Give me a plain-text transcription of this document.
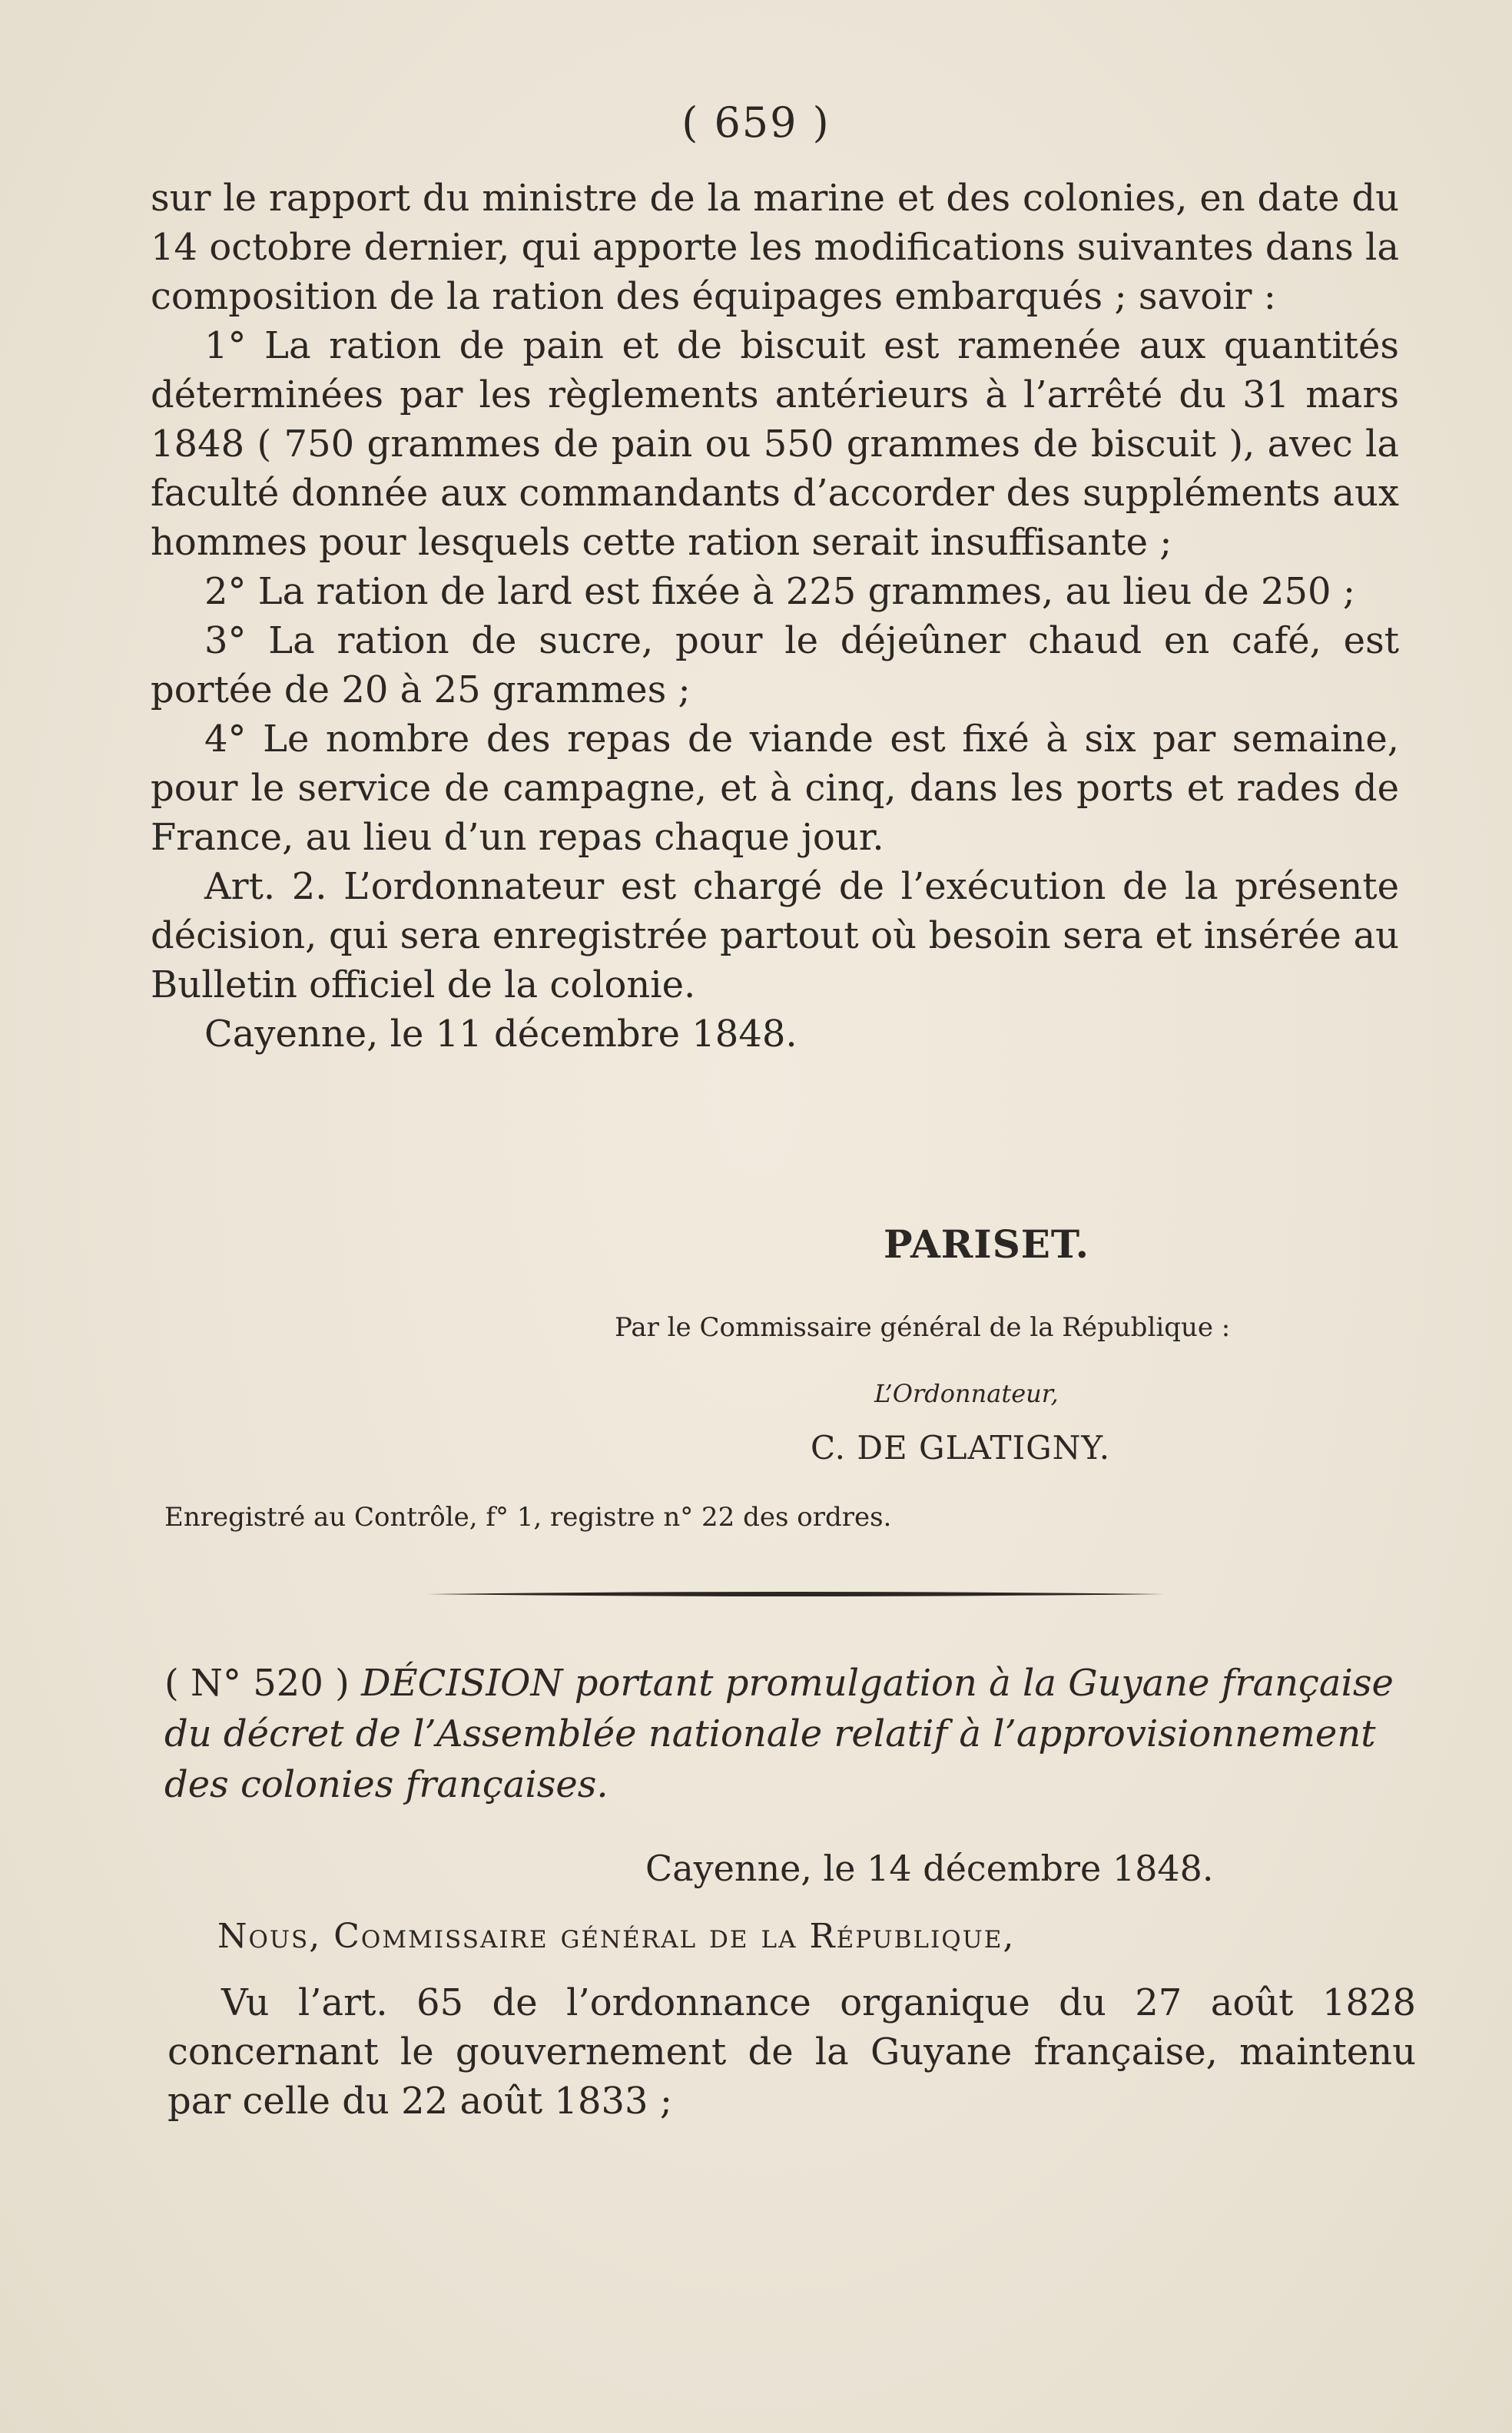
( 659 )

sur le rapport du ministre de la marine et des colonies, en date du 14 octobre dernier, qui apporte les modifications suivantes dans la composition de la ration des équipages embarqués ; savoir :

1° La ration de pain et de biscuit est ramenée aux quantités déterminées par les règlements antérieurs à l’arrêté du 31 mars 1848 ( 750 grammes de pain ou 550 grammes de biscuit ), avec la faculté donnée aux commandants d’accorder des suppléments aux hommes pour lesquels cette ration serait insuffisante ;

2° La ration de lard est fixée à 225 grammes, au lieu de 250 ;

3° La ration de sucre, pour le déjeûner chaud en café, est portée de 20 à 25 grammes ;

4° Le nombre des repas de viande est fixé à six par semaine, pour le service de campagne, et à cinq, dans les ports et rades de France, au lieu d’un repas chaque jour.

Art. 2. L’ordonnateur est chargé de l’exécution de la présente décision, qui sera enregistrée partout où besoin sera et insérée au Bulletin officiel de la colonie.

Cayenne, le 11 décembre 1848.

PARISET.
Par le Commissaire général de la République :
L’Ordonnateur,
C. DE GLATIGNY.
Enregistré au Contrôle, f° 1, registre n° 22 des ordres.
( N° 520 ) DÉCISION portant promulgation à la Guyane française du décret de l’Assemblée nationale relatif à l’approvisionnement des colonies françaises.
Cayenne, le 14 décembre 1848.
Nous, Commissaire général de la République,

Vu l’art. 65 de l’ordonnance organique du 27 août 1828 concernant le gouvernement de la Guyane française, maintenu par celle du 22 août 1833 ;
